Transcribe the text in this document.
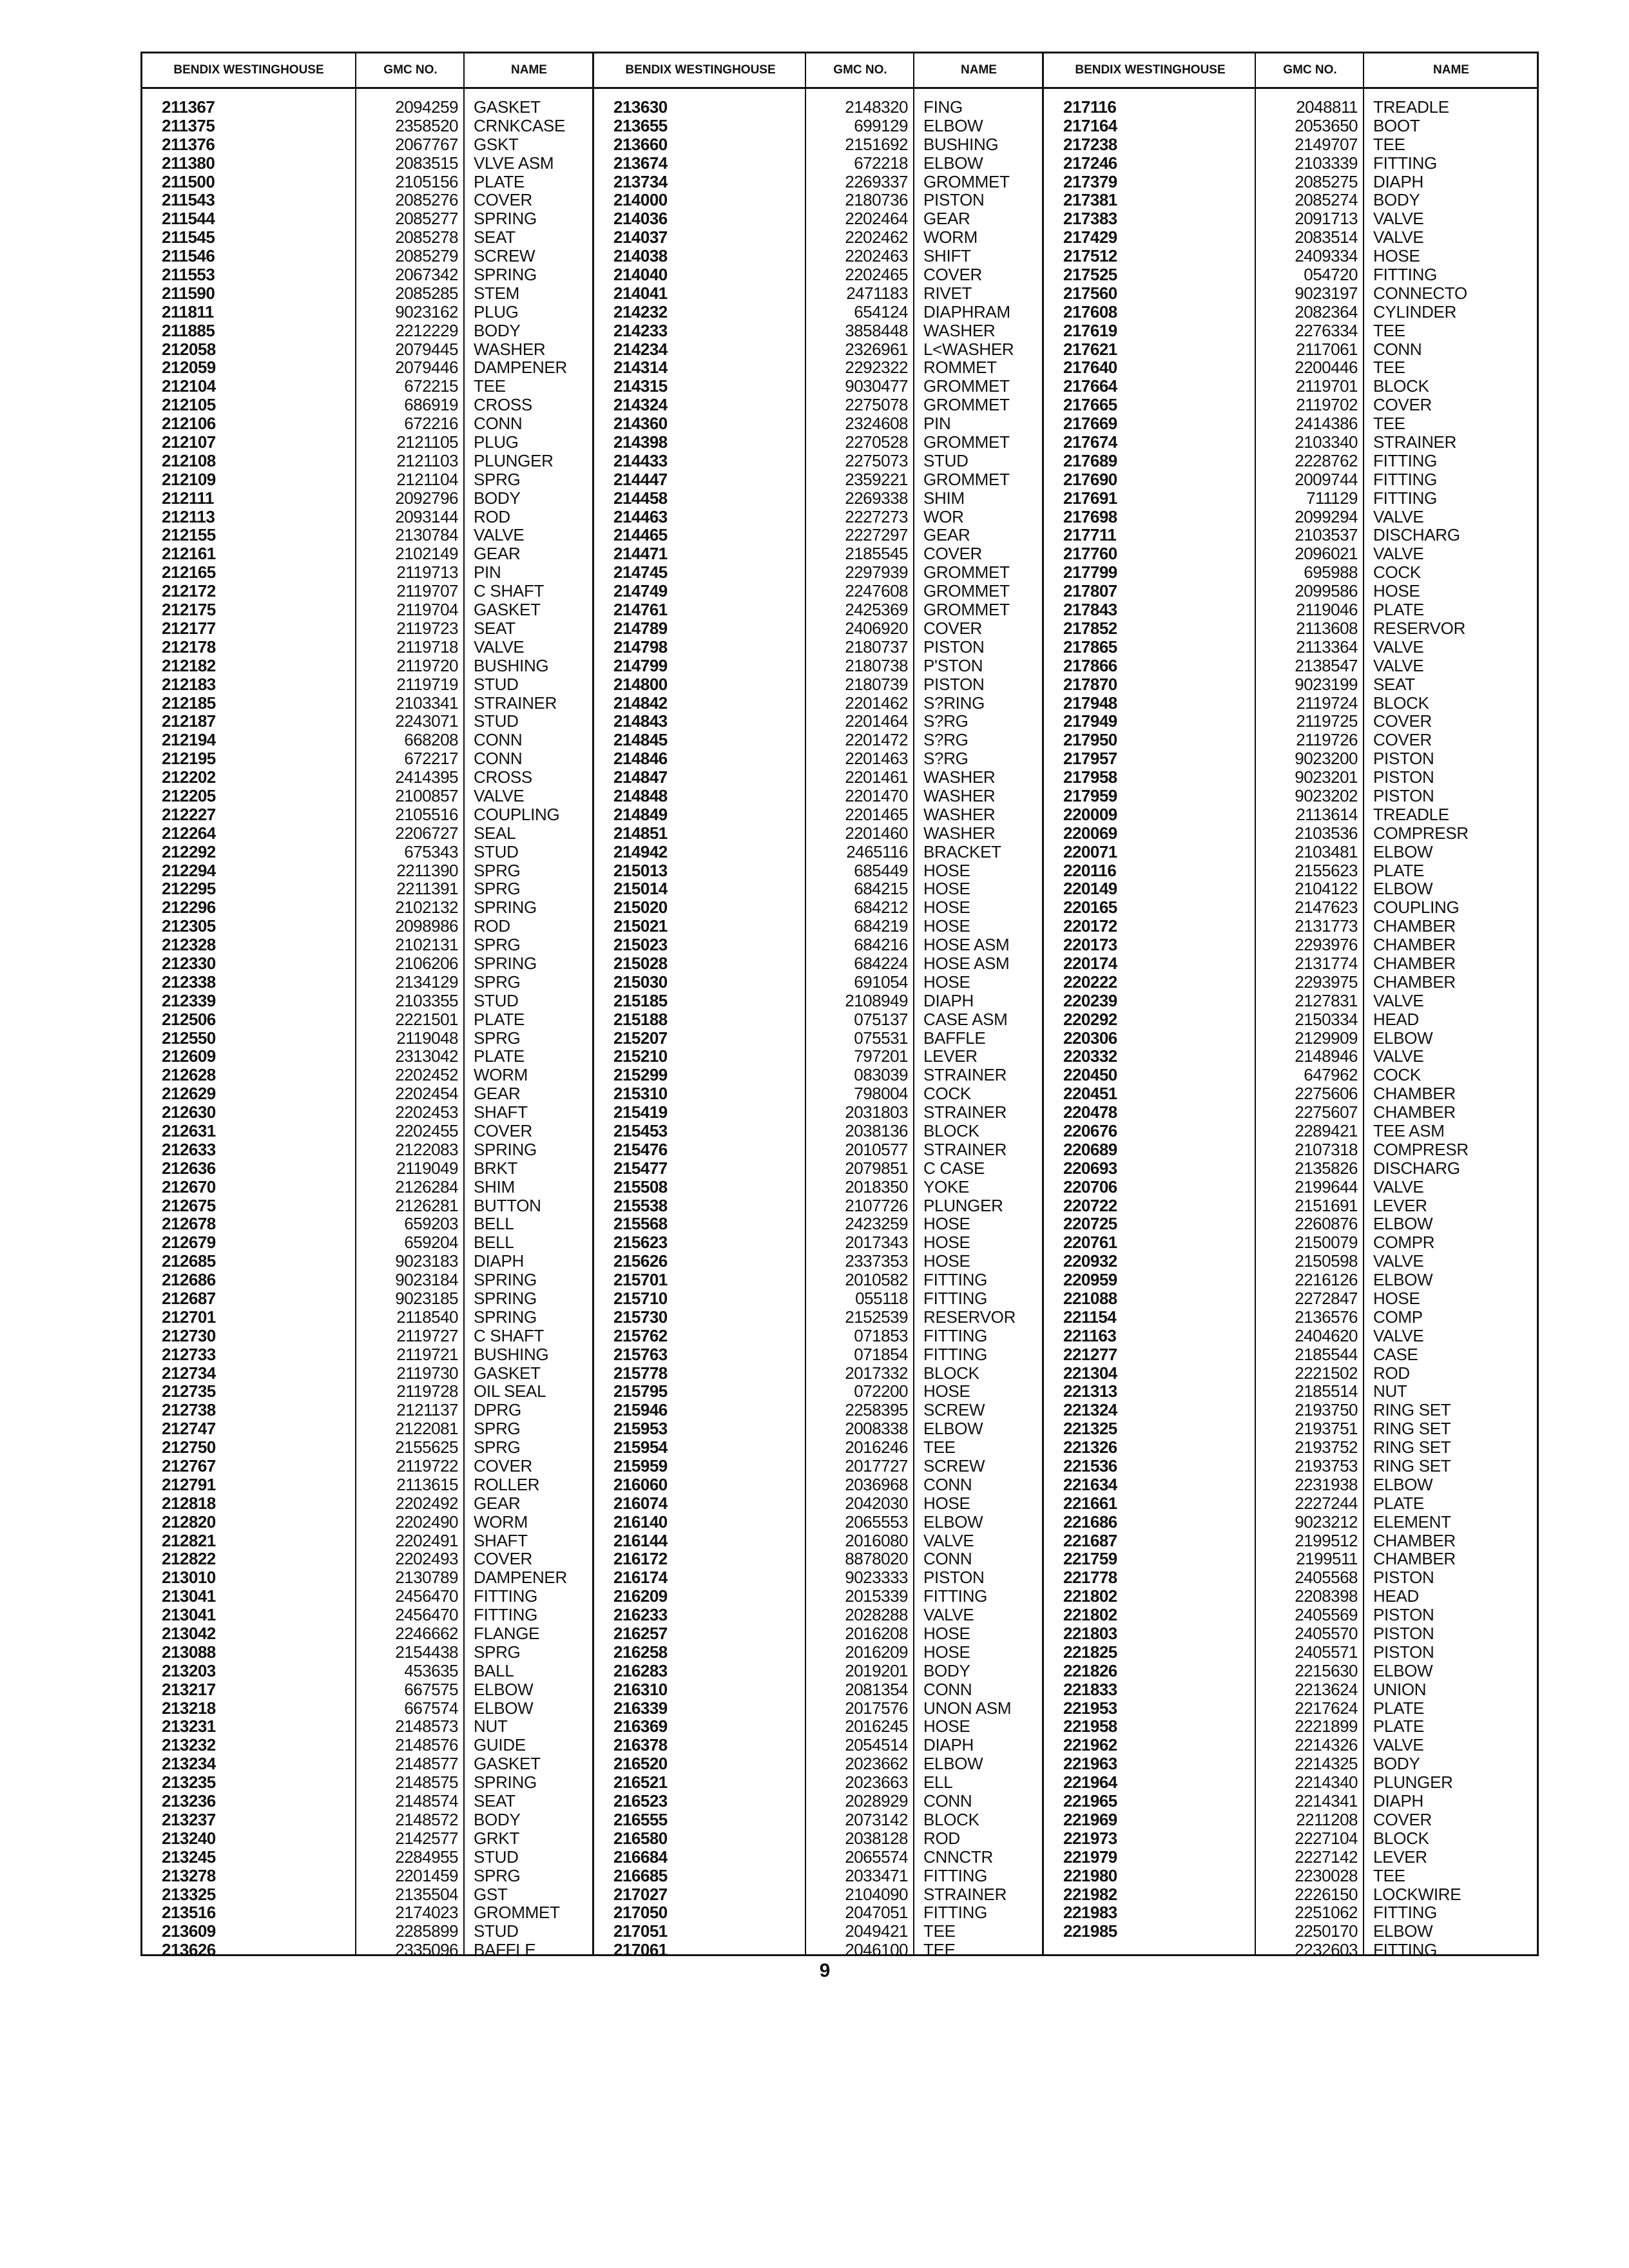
BENDIX WESTINGHOUSE
211367
211375
211376
211380
211500
211543
211544
211545
211546
211553
211590
211811
211885
212058
212059
212104
212105
212106
212107
212108
212109
212111
212113
212155
212161
212165
212172
212175
212177
212178
212182
212183
212185
212187
212194
212195
212202
212205
212227
212264
212292
212294
212295
212296
212305
212328
212330
212338
212339
212506
212550
212609
212628
212629
212630
212631
212633
212636
212670
212675
212678
212679
212685
212686
212687
212701
212730
212733
212734
212735
212738
212747
212750
212767
212791
212818
212820
212821
212822
213010
213041
213041
213042
213088
213203
213217
213218
213231
213232
213234
213235
213236
213237
213240
213245
213278
213325
213516
213609
213626
GMC NO.
2094259
2358520
2067767
2083515
2105156
2085276
2085277
2085278
2085279
2067342
2085285
9023162
2212229
2079445
2079446
672215
686919
672216
2121105
2121103
2121104
2092796
2093144
2130784
2102149
2119713
2119707
2119704
2119723
2119718
2119720
2119719
2103341
2243071
668208
672217
2414395
2100857
2105516
2206727
675343
2211390
2211391
2102132
2098986
2102131
2106206
2134129
2103355
2221501
2119048
2313042
2202452
2202454
2202453
2202455
2122083
2119049
2126284
2126281
659203
659204
9023183
9023184
9023185
2118540
2119727
2119721
2119730
2119728
2121137
2122081
2155625
2119722
2113615
2202492
2202490
2202491
2202493
2130789
2456470
2456470
2246662
2154438
453635
667575
667574
2148573
2148576
2148577
2148575
2148574
2148572
2142577
2284955
2201459
2135504
2174023
2285899
2335096
NAME
GASKET
CRNKCASE
GSKT
VLVE ASM
PLATE
COVER
SPRING
SEAT
SCREW
SPRING
STEM
PLUG
BODY
WASHER
DAMPENER
TEE
CROSS
CONN
PLUG
PLUNGER
SPRG
BODY
ROD
VALVE
GEAR
PIN
C SHAFT
GASKET
SEAT
VALVE
BUSHING
STUD
STRAINER
STUD
CONN
CONN
CROSS
VALVE
COUPLING
SEAL
STUD
SPRG
SPRG
SPRING
ROD
SPRG
SPRING
SPRG
STUD
PLATE
SPRG
PLATE
WORM
GEAR
SHAFT
COVER
SPRING
BRKT
SHIM
BUTTON
BELL
BELL
DIAPH
SPRING
SPRING
SPRING
C SHAFT
BUSHING
GASKET
OIL SEAL
DPRG
SPRG
SPRG
COVER
ROLLER
GEAR
WORM
SHAFT
COVER
DAMPENER
FITTING
FITTING
FLANGE
SPRG
BALL
ELBOW
ELBOW
NUT
GUIDE
GASKET
SPRING
SEAT
BODY
GRKT
STUD
SPRG
GST
GROMMET
STUD
BAFFLE
BENDIX WESTINGHOUSE
213630
213655
213660
213674
213734
214000
214036
214037
214038
214040
214041
214232
214233
214234
214314
214315
214324
214360
214398
214433
214447
214458
214463
214465
214471
214745
214749
214761
214789
214798
214799
214800
214842
214843
214845
214846
214847
214848
214849
214851
214942
215013
215014
215020
215021
215023
215028
215030
215185
215188
215207
215210
215299
215310
215419
215453
215476
215477
215508
215538
215568
215623
215626
215701
215710
215730
215762
215763
215778
215795
215946
215953
215954
215959
216060
216074
216140
216144
216172
216174
216209
216233
216257
216258
216283
216310
216339
216369
216378
216520
216521
216523
216555
216580
216684
216685
217027
217050
217051
217061
GMC NO.
2148320
699129
2151692
672218
2269337
2180736
2202464
2202462
2202463
2202465
2471183
654124
3858448
2326961
2292322
9030477
2275078
2324608
2270528
2275073
2359221
2269338
2227273
2227297
2185545
2297939
2247608
2425369
2406920
2180737
2180738
2180739
2201462
2201464
2201472
2201463
2201461
2201470
2201465
2201460
2465116
685449
684215
684212
684219
684216
684224
691054
2108949
075137
075531
797201
083039
798004
2031803
2038136
2010577
2079851
2018350
2107726
2423259
2017343
2337353
2010582
055118
2152539
071853
071854
2017332
072200
2258395
2008338
2016246
2017727
2036968
2042030
2065553
2016080
8878020
9023333
2015339
2028288
2016208
2016209
2019201
2081354
2017576
2016245
2054514
2023662
2023663
2028929
2073142
2038128
2065574
2033471
2104090
2047051
2049421
2046100
NAME
FING
ELBOW
BUSHING
ELBOW
GROMMET
PISTON
GEAR
WORM
SHIFT
COVER
RIVET
DIAPHRAM
WASHER
L<WASHER
ROMMET
GROMMET
GROMMET
PIN
GROMMET
STUD
GROMMET
SHIM
WOR
GEAR
COVER
GROMMET
GROMMET
GROMMET
COVER
PISTON
P'STON
PISTON
S?RING
S?RG
S?RG
S?RG
WASHER
WASHER
WASHER
WASHER
BRACKET
HOSE
HOSE
HOSE
HOSE
HOSE ASM
HOSE ASM
HOSE
DIAPH
CASE ASM
BAFFLE
LEVER
STRAINER
COCK
STRAINER
BLOCK
STRAINER
C CASE
YOKE
PLUNGER
HOSE
HOSE
HOSE
FITTING
FITTING
RESERVOR
FITTING
FITTING
BLOCK
HOSE
SCREW
ELBOW
TEE
SCREW
CONN
HOSE
ELBOW
VALVE
CONN
PISTON
FITTING
VALVE
HOSE
HOSE
BODY
CONN
UNON ASM
HOSE
DIAPH
ELBOW
ELL
CONN
BLOCK
ROD
CNNCTR
FITTING
STRAINER
FITTING
TEE
TEE
BENDIX WESTINGHOUSE
217116
217164
217238
217246
217379
217381
217383
217429
217512
217525
217560
217608
217619
217621
217640
217664
217665
217669
217674
217689
217690
217691
217698
217711
217760
217799
217807
217843
217852
217865
217866
217870
217948
217949
217950
217957
217958
217959
220009
220069
220071
220116
220149
220165
220172
220173
220174
220222
220239
220292
220306
220332
220450
220451
220478
220676
220689
220693
220706
220722
220725
220761
220932
220959
221088
221154
221163
221277
221304
221313
221324
221325
221326
221536
221634
221661
221686
221687
221759
221778
221802
221802
221803
221825
221826
221833
221953
221958
221962
221963
221964
221965
221969
221973
221979
221980
221982
221983
221985
GMC NO.
2048811
2053650
2149707
2103339
2085275
2085274
2091713
2083514
2409334
054720
9023197
2082364
2276334
2117061
2200446
2119701
2119702
2414386
2103340
2228762
2009744
711129
2099294
2103537
2096021
695988
2099586
2119046
2113608
2113364
2138547
9023199
2119724
2119725
2119726
9023200
9023201
9023202
2113614
2103536
2103481
2155623
2104122
2147623
2131773
2293976
2131774
2293975
2127831
2150334
2129909
2148946
647962
2275606
2275607
2289421
2107318
2135826
2199644
2151691
2260876
2150079
2150598
2216126
2272847
2136576
2404620
2185544
2221502
2185514
2193750
2193751
2193752
2193753
2231938
2227244
9023212
2199512
2199511
2405568
2208398
2405569
2405570
2405571
2215630
2213624
2217624
2221899
2214326
2214325
2214340
2214341
2211208
2227104
2227142
2230028
2226150
2251062
2250170
2232603
NAME
TREADLE
BOOT
TEE
FITTING
DIAPH
BODY
VALVE
VALVE
HOSE
FITTING
CONNECTO
CYLINDER
TEE
CONN
TEE
BLOCK
COVER
TEE
STRAINER
FITTING
FITTING
FITTING
VALVE
DISCHARG
VALVE
COCK
HOSE
PLATE
RESERVOR
VALVE
VALVE
SEAT
BLOCK
COVER
COVER
PISTON
PISTON
PISTON
TREADLE
COMPRESR
ELBOW
PLATE
ELBOW
COUPLING
CHAMBER
CHAMBER
CHAMBER
CHAMBER
VALVE
HEAD
ELBOW
VALVE
COCK
CHAMBER
CHAMBER
TEE ASM
COMPRESR
DISCHARG
VALVE
LEVER
ELBOW
COMPR
VALVE
ELBOW
HOSE
COMP
VALVE
CASE
ROD
NUT
RING SET
RING SET
RING SET
RING SET
ELBOW
PLATE
ELEMENT
CHAMBER
CHAMBER
PISTON
HEAD
PISTON
PISTON
PISTON
ELBOW
UNION
PLATE
PLATE
VALVE
BODY
PLUNGER
DIAPH
COVER
BLOCK
LEVER
TEE
LOCKWIRE
FITTING
ELBOW
FITTING
9
